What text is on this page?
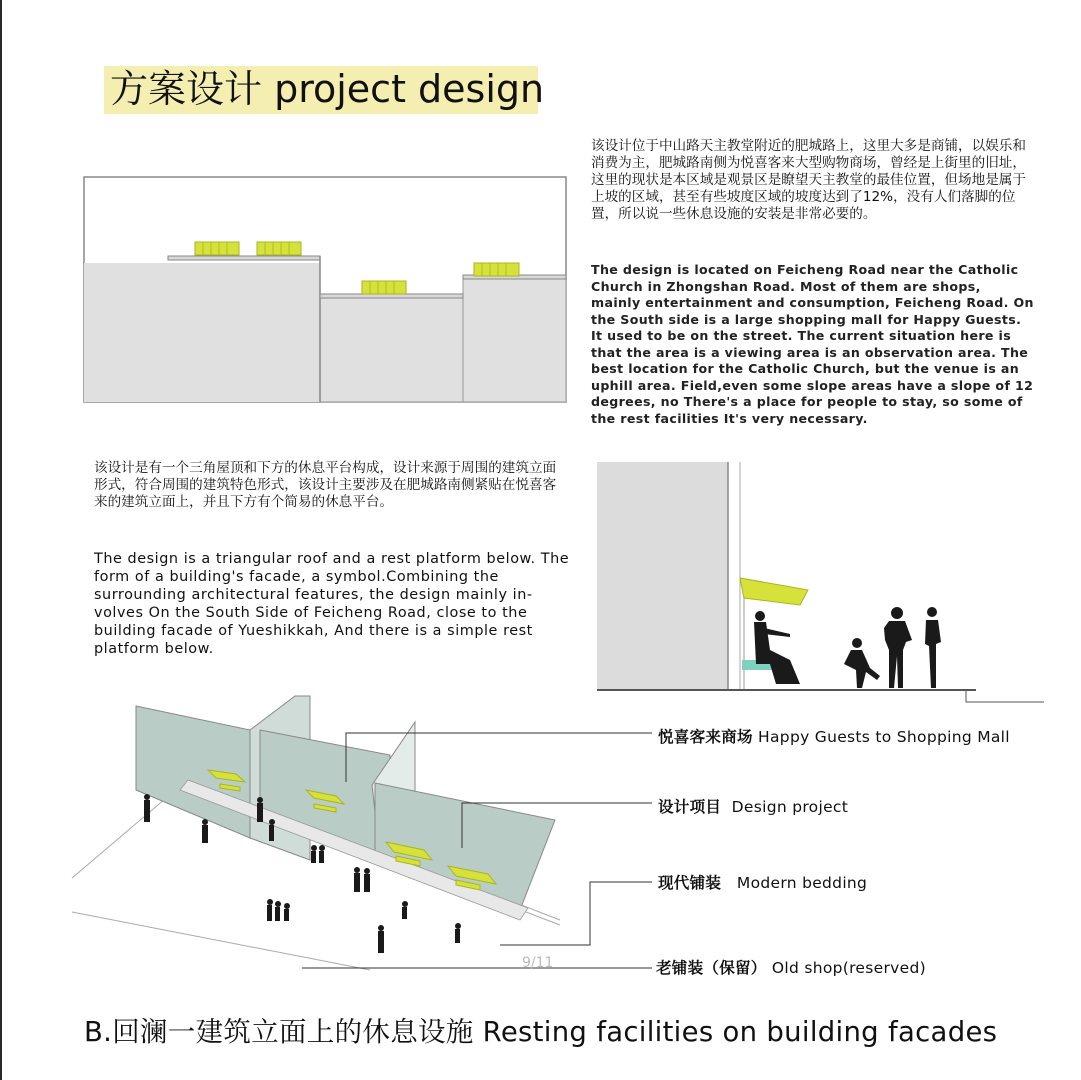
方案设计 project design
该设计位于中山路天主教堂附近的肥城路上，这里大多是商铺，以娱乐和消费为主，肥城路南侧为悦喜客来大型购物商场，曾经是上街里的旧址，这里的现状是本区域是观景区是瞭望天主教堂的最佳位置，但场地是属于上坡的区域，甚至有些坡度区域的坡度达到了12%，没有人们落脚的位置，所以说一些休息设施的安装是非常必要的。
The design is located on Feicheng Road near the Catholic Church in Zhongshan Road. Most of them are shops, mainly entertainment and consumption, Feicheng Road. On the South side is a large shopping mall for Happy Guests. It used to be on the street. The current situation here is that the area is a viewing area is an observation area. The best location for the Catholic Church, but the venue is an uphill area. Field,even some slope areas have a slope of 12 degrees, no There's a place for people to stay, so some of the rest facilities It's very necessary.
该设计是有一个三角屋顶和下方的休息平台构成，设计来源于周围的建筑立面形式，符合周围的建筑特色形式，该设计主要涉及在肥城路南侧紧贴在悦喜客来的建筑立面上，并且下方有个简易的休息平台。
The design is a triangular roof and a rest platform below. The form of a building's facade, a symbol.Combining the surrounding architectural features, the design mainly in-volves On the South Side of Feicheng Road, close to the building facade of Yueshikkah, And there is a simple rest platform below.
悦喜客来商场 Happy Guests to Shopping Mall
设计项目 Design project
现代铺装 Modern bedding
老铺装（保留） Old shop(reserved)
9/11
B.回澜一建筑立面上的休息设施 Resting facilities on building facades
